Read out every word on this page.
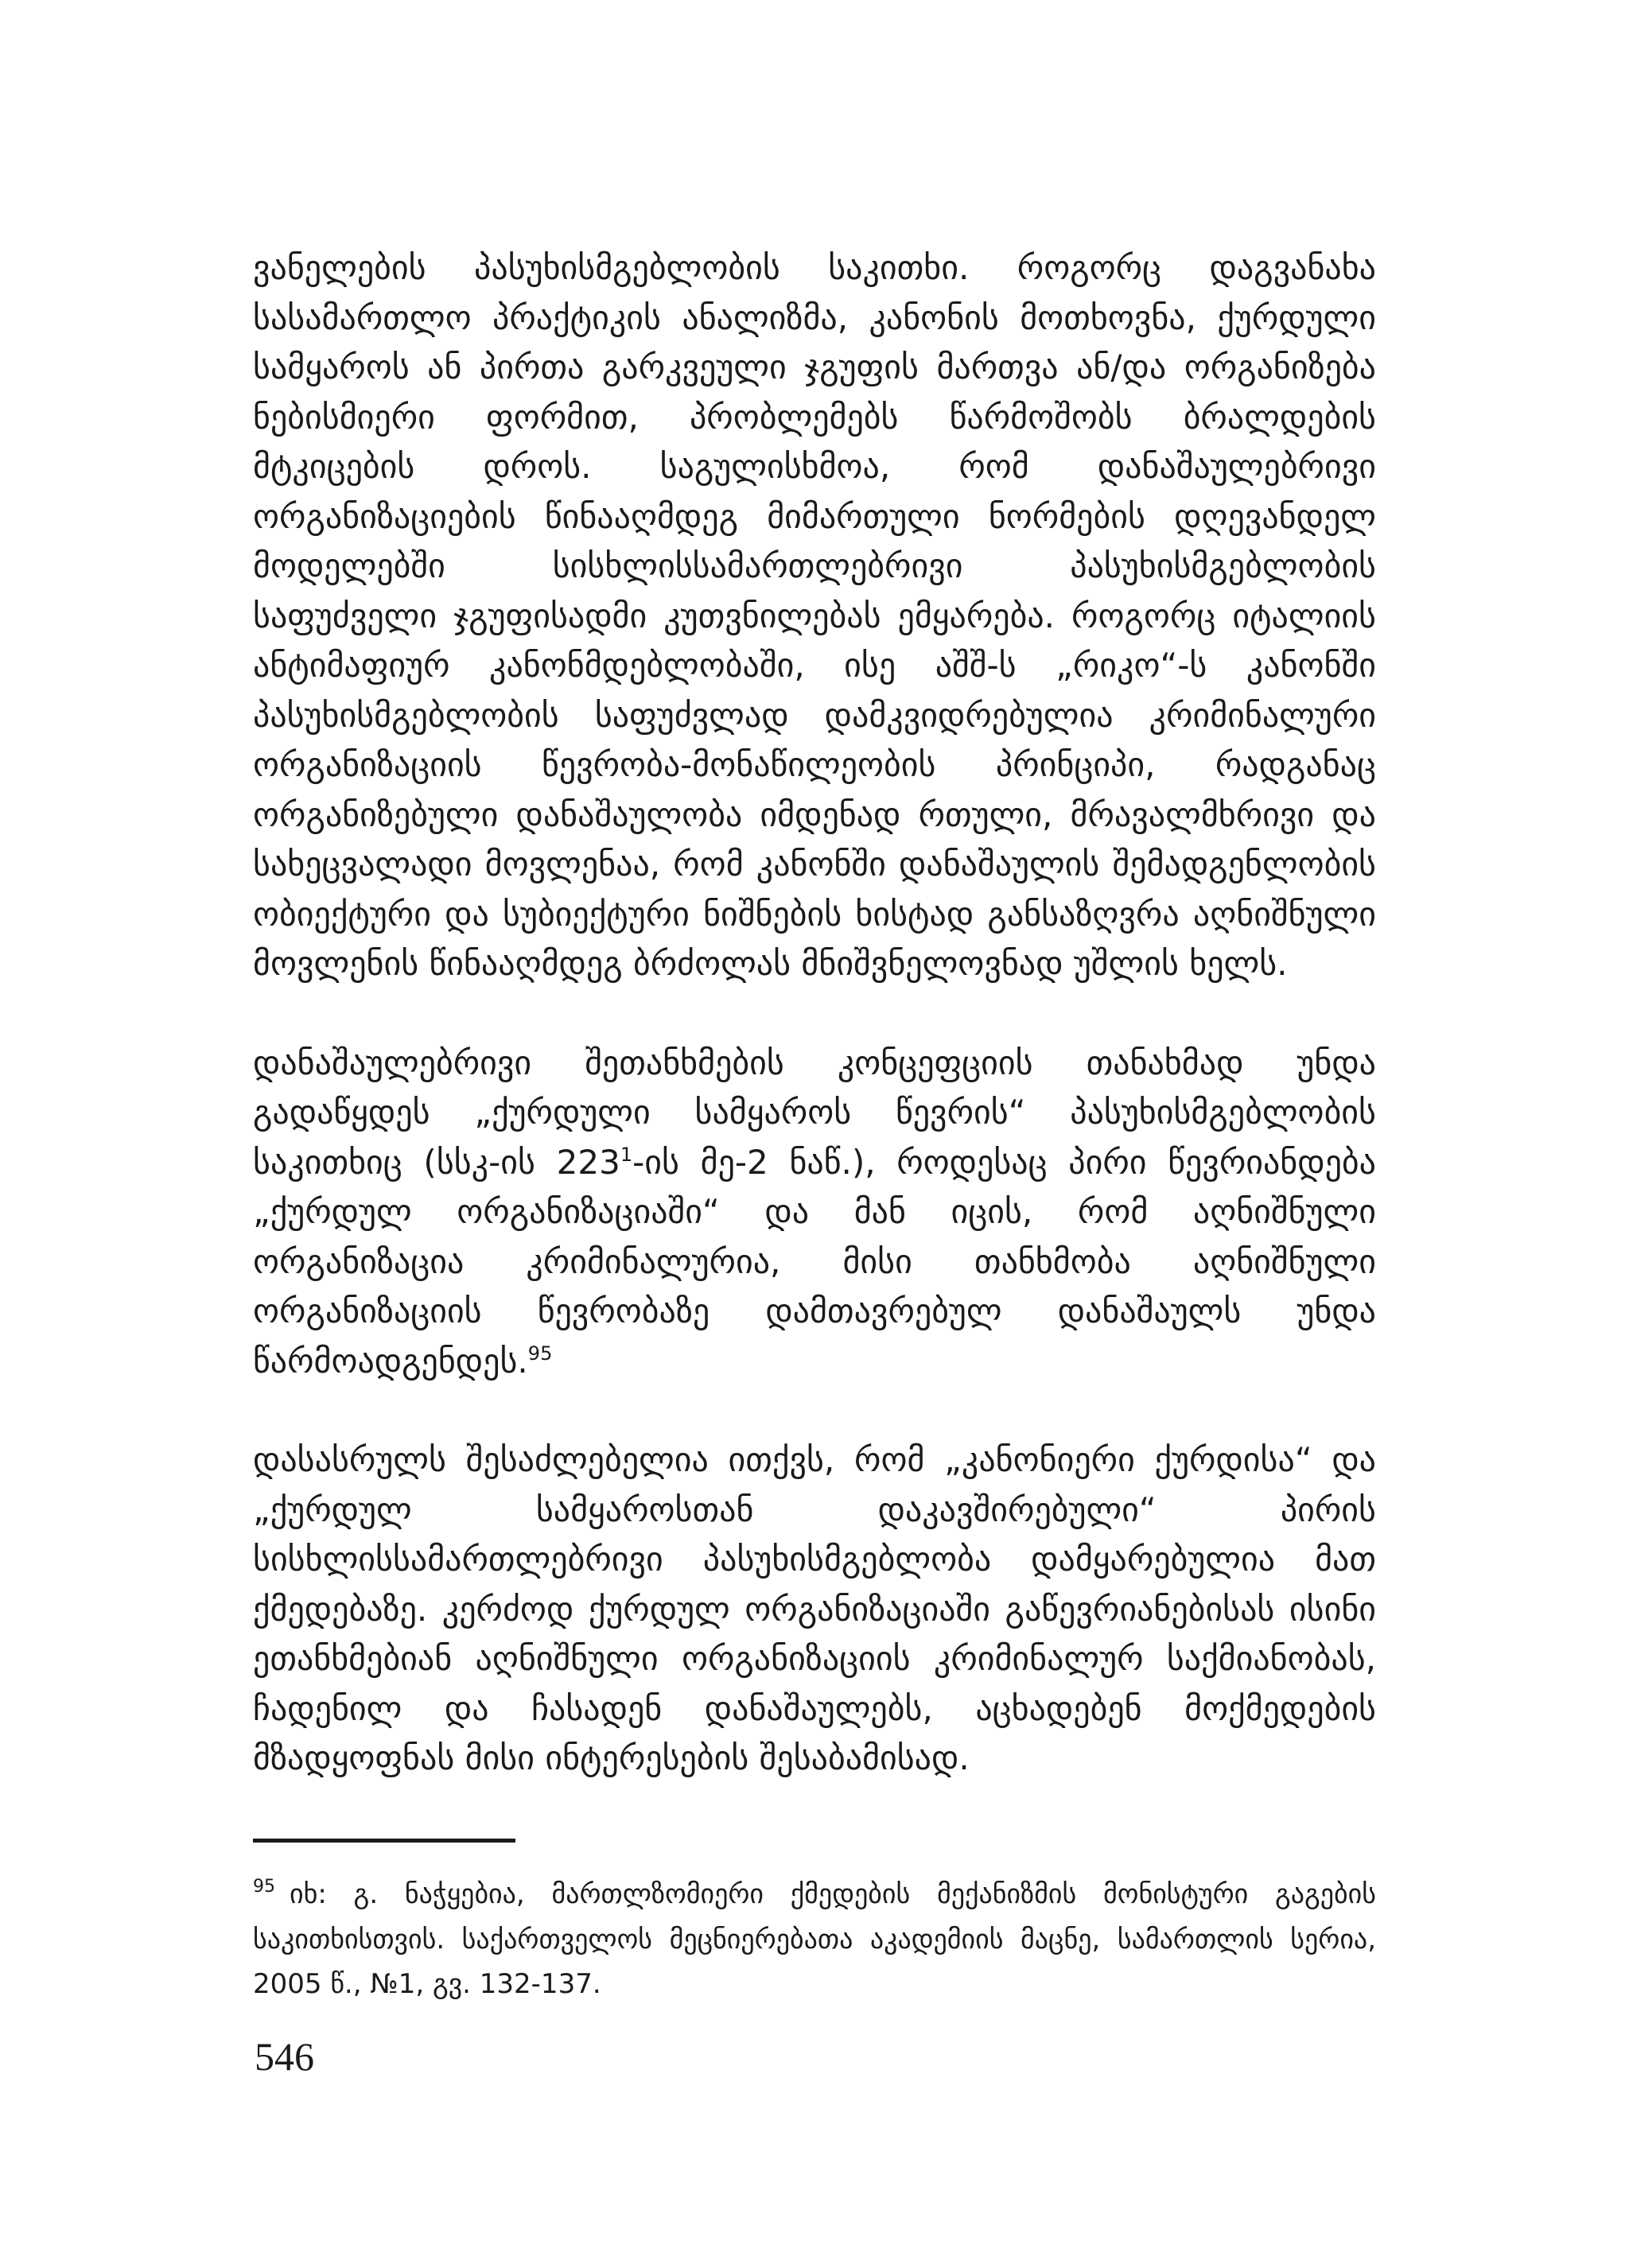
ვანელების პასუხისმგებლობის საკითხი. როგორც დაგვანახა სასამართლო პრაქტიკის ანალიზმა, კანონის მოთხოვნა, ქურდული სამყაროს ან პირთა გარკვეული ჯგუფის მართვა ან/და ორგანიზება ნებისმიერი ფორმით, პრობლემებს წარმოშობს ბრალდების მტკიცების დროს. საგულისხმოა, რომ დანაშაულებრივი ორგანიზაციების წინააღმდეგ მიმართული ნორმების დღევანდელ მოდელებში სისხლისსამართლებრივი პასუხისმგებლობის საფუძველი ჯგუფისადმი კუთვნილებას ემყარება. როგორც იტალიის ანტიმაფიურ კანონმდებლობაში, ისე აშშ-ს „რიკო“-ს კანონში პასუხისმგებლობის საფუძვლად დამკვიდრებულია კრიმინალური ორგანიზაციის წევრობა-მონაწილეობის პრინციპი, რადგანაც ორგანიზებული დანაშაულობა იმდენად რთული, მრავალმხრივი და სახეცვალადი მოვლენაა, რომ კანონში დანაშაულის შემადგენლობის ობიექტური და სუბიექტური ნიშნების ხისტად განსაზღვრა აღნიშნული მოვლენის წინააღმდეგ ბრძოლას მნიშვნელოვნად უშლის ხელს.

დანაშაულებრივი შეთანხმების კონცეფციის თანახმად უნდა გადაწყდეს „ქურდული სამყაროს წევრის“ პასუხისმგებლობის საკითხიც (სსკ-ის $223^1-ის$ მე-2 ნაწ.), როდესაც პირი წევრიანდება „ქურდულ ორგანიზაციაში“ და მან იცის, რომ აღნიშნული ორგანიზაცია კრიმინალურია, მისი თანხმობა აღნიშნული ორგანიზაციის წევრობაზე დამთავრებულ დანაშაულს უნდა წარმოადგენდეს.$^{95}$

დასასრულს შესაძლებელია ითქვს, რომ „კანონიერი ქურდისა“ და „ქურდულ სამყაროსთან დაკავშირებული“ პირის სისხლისსამართლებრივი პასუხისმგებლობა დამყარებულია მათ ქმედებაზე. კერძოდ ქურდულ ორგანიზაციაში გაწევრიანებისას ისინი ეთანხმებიან აღნიშნული ორგანიზაციის კრიმინალურ საქმიანობას, ჩადენილ და ჩასადენ დანაშაულებს, აცხადებენ მოქმედების მზადყოფნას მისი ინტერესების შესაბამისად.

$^{95}$ იხ: გ. ნაჭყებია, მართლზომიერი ქმედების მექანიზმის მონისტური გაგების საკითხისთვის. საქართველოს მეცნიერებათა აკადემიის მაცნე, სამართლის სერია, 2005 წ., №1, გვ. 132-137.

546
